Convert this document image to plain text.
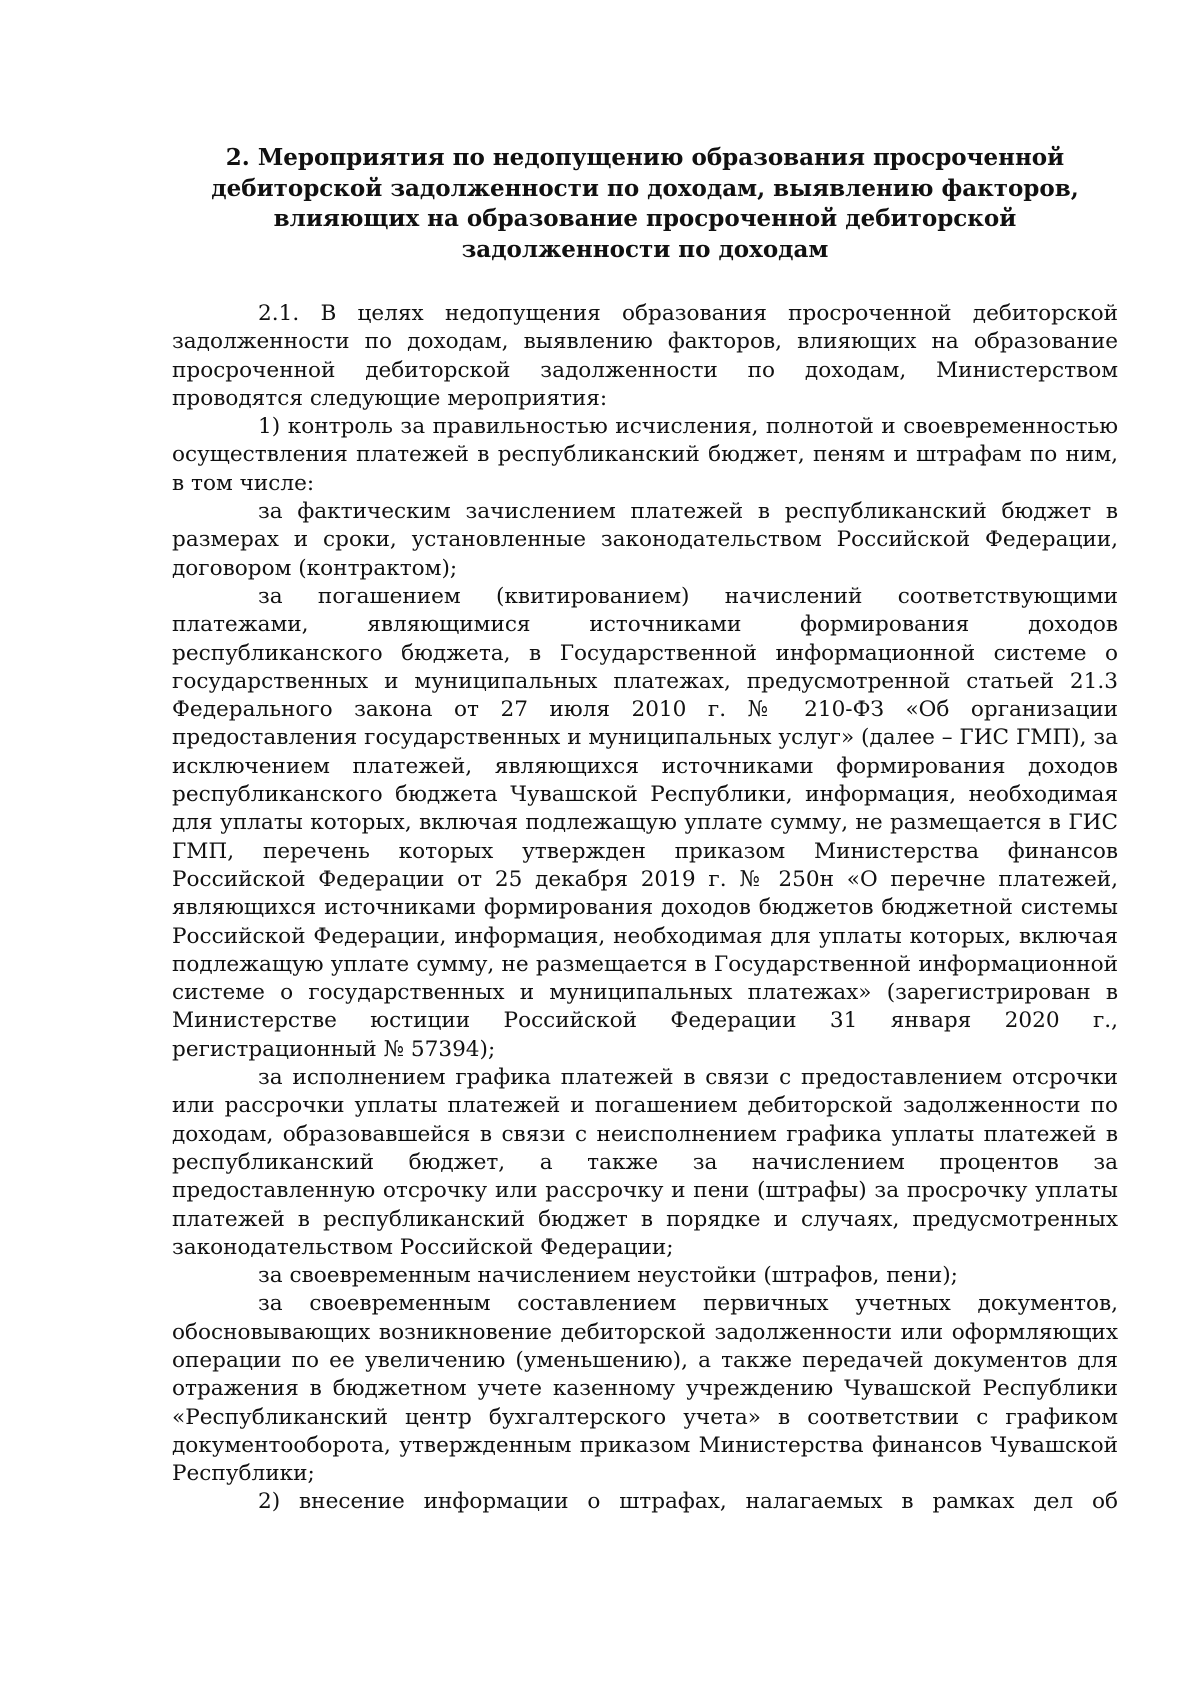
2. Мероприятия по недопущению образования просроченной
дебиторской задолженности по доходам, выявлению факторов,
влияющих на образование просроченной дебиторской
задолженности по доходам

2.1. В целях недопущения образования просроченной дебиторской задолженности по доходам, выявлению факторов, влияющих на образование просроченной дебиторской задолженности по доходам, Министерством проводятся следующие мероприятия:

1) контроль за правильностью исчисления, полнотой и своевременностью осуществления платежей в республиканский бюджет, пеням и штрафам по ним, в том числе:

за фактическим зачислением платежей в республиканский бюджет в размерах и сроки, установленные законодательством Российской Федерации, договором (контрактом);

за погашением (квитированием) начислений соответствующими платежами, являющимися источниками формирования доходов республиканского бюджета, в Государственной информационной системе о государственных и муниципальных платежах, предусмотренной статьей 21.3 Федерального закона от 27 июля 2010 г. № 210-ФЗ «Об организации предоставления государственных и муниципальных услуг» (далее – ГИС ГМП), за исключением платежей, являющихся источниками формирования доходов республиканского бюджета Чувашской Республики, информация, необходимая для уплаты которых, включая подлежащую уплате сумму, не размещается в ГИС ГМП, перечень которых утвержден приказом Министерства финансов Российской Федерации от 25 декабря 2019 г. № 250н «О перечне платежей, являющихся источниками формирования доходов бюджетов бюджетной системы Российской Федерации, информация, необходимая для уплаты которых, включая подлежащую уплате сумму, не размещается в Государственной информационной системе о государственных и муниципальных платежах» (зарегистрирован в Министерстве юстиции Российской Федерации 31 января 2020 г., регистрационный № 57394);

за исполнением графика платежей в связи с предоставлением отсрочки или рассрочки уплаты платежей и погашением дебиторской задолженности по доходам, образовавшейся в связи с неисполнением графика уплаты платежей в республиканский бюджет, а также за начислением процентов за предоставленную отсрочку или рассрочку и пени (штрафы) за просрочку уплаты платежей в республиканский бюджет в порядке и случаях, предусмотренных законодательством Российской Федерации;

за своевременным начислением неустойки (штрафов, пени);

за своевременным составлением первичных учетных документов, обосновывающих возникновение дебиторской задолженности или оформляющих операции по ее увеличению (уменьшению), а также передачей документов для отражения в бюджетном учете казенному учреждению Чувашской Республики «Республиканский центр бухгалтерского учета» в соответствии с графиком документооборота, утвержденным приказом Министерства финансов Чувашской Республики;

2) внесение информации о штрафах, налагаемых в рамках дел об
